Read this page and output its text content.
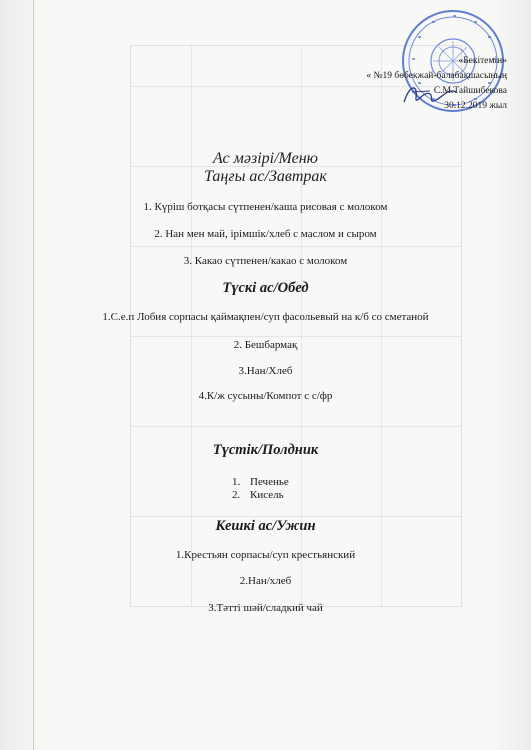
«Бекітемін»
« №19 бөбекжай-балабақшасының
С.М.Тайшибекова
30.12.2019 жыл
Ас мәзірі/Меню
Таңғы ас/Завтрак
1. Күріш ботқасы сүтпенен/каша рисовая с молоком
2. Нан мен май, ірімшік/хлеб с маслом и сыром
3. Какао сүтпенен/какао с молоком
Түскі ас/Обед
1.С.е.п Лобия сорпасы қаймақпен/суп фасольевый на к/б со сметаной
2. Бешбармақ
3.Нан/Хлеб
4.К/ж сусыны/Компот с с/фр
Түстік/Полдник
1. Печенье
2. Кисель
Кешкі ас/Ужин
1.Крестьян сорпасы/суп крестьянский
2.Нан/хлеб
3.Тәтті шәй/сладкий чай
